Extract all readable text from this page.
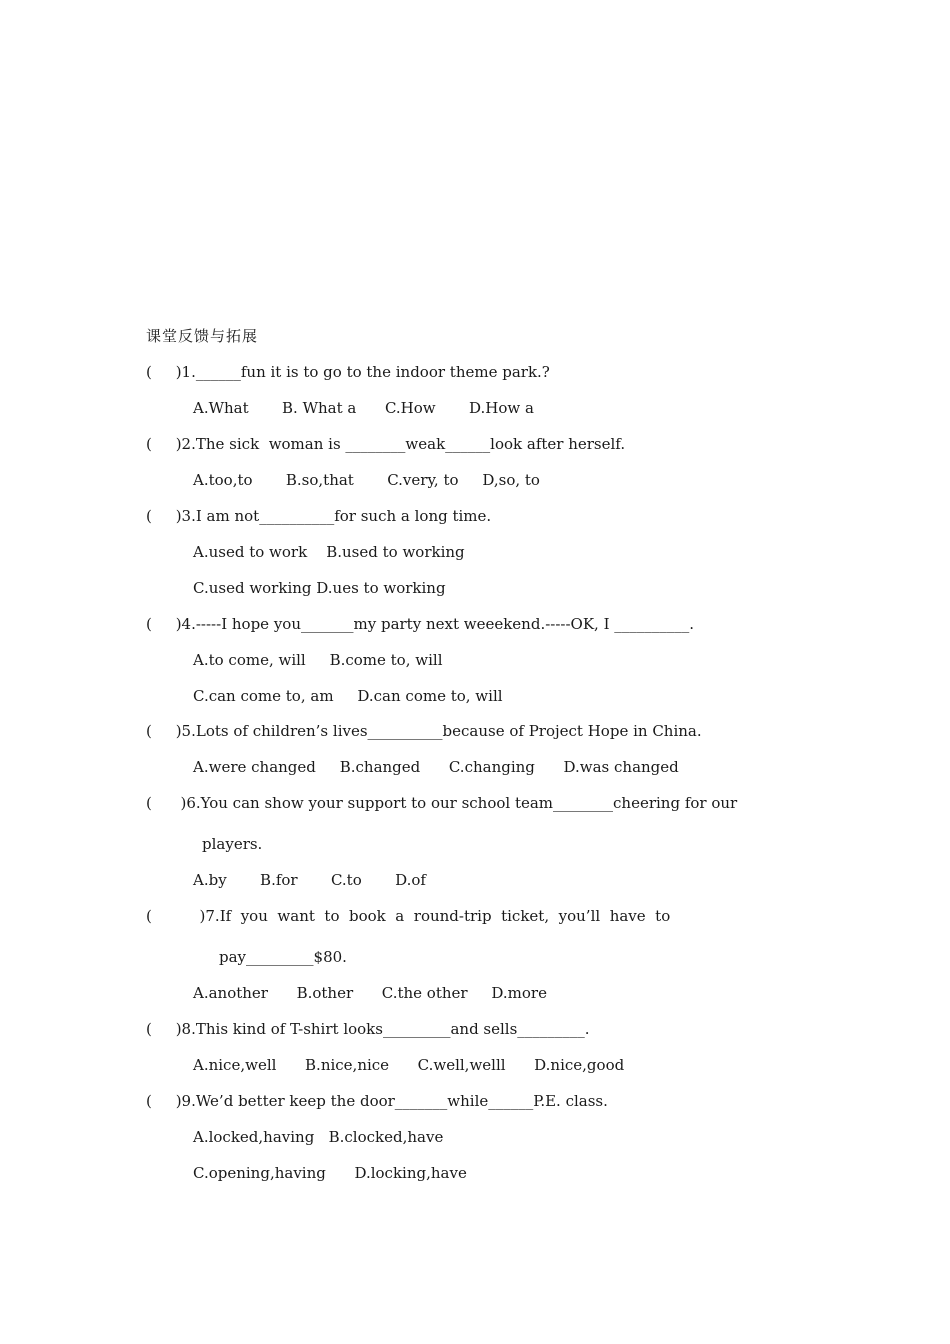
课堂反馈与拓展
(     )1.______fun it is to go to the indoor theme park.?
A.What       B. What a      C.How       D.How a
(     )2.The sick  woman is ________weak______look after herself.
A.too,to       B.so,that       C.very, to     D,so, to
(     )3.I am not__________for such a long time.
A.used to work    B.used to working
C.used working D.ues to working
(     )4.-----I hope you_______my party next weeekend.-----OK, I __________.
A.to come, will     B.come to, will
C.can come to, am     D.can come to, will
(     )5.Lots of children’s lives__________because of Project Hope in China.
A.were changed     B.changed      C.changing      D.was changed
(      )6.You can show your support to our school team________cheering for our
players.
A.by       B.for       C.to       D.of
(          )7.If  you  want  to  book  a  round-trip  ticket,  you’ll  have  to
pay_________$80.
A.another      B.other      C.the other     D.more
(     )8.This kind of T-shirt looks_________and sells_________.
A.nice,well      B.nice,nice      C.well,welll      D.nice,good
(     )9.We’d better keep the door_______while______P.E. class.
A.locked,having   B.clocked,have
C.opening,having      D.locking,have
